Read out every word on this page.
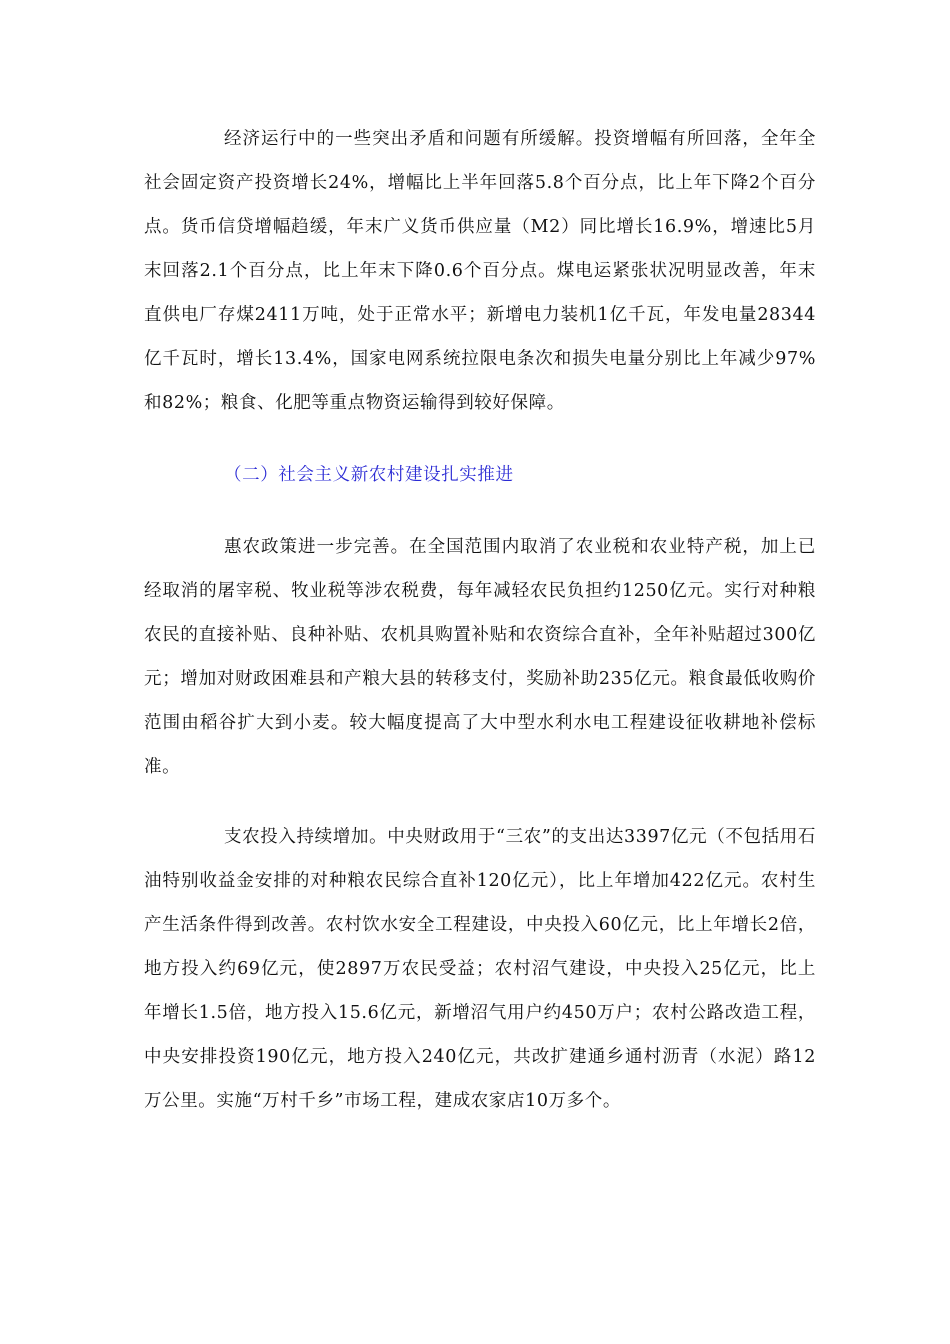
经济运行中的一些突出矛盾和问题有所缓解。投资增幅有所回落，全年全社会固定资产投资增长24%，增幅比上半年回落5.8个百分点，比上年下降2个百分点。货币信贷增幅趋缓，年末广义货币供应量（M2）同比增长16.9%，增速比5月末回落2.1个百分点，比上年末下降0.6个百分点。煤电运紧张状况明显改善，年末直供电厂存煤2411万吨，处于正常水平；新增电力装机1亿千瓦，年发电量28344亿千瓦时，增长13.4%，国家电网系统拉限电条次和损失电量分别比上年减少97%和82%；粮食、化肥等重点物资运输得到较好保障。

（二）社会主义新农村建设扎实推进

惠农政策进一步完善。在全国范围内取消了农业税和农业特产税，加上已经取消的屠宰税、牧业税等涉农税费，每年减轻农民负担约1250亿元。实行对种粮农民的直接补贴、良种补贴、农机具购置补贴和农资综合直补，全年补贴超过300亿元；增加对财政困难县和产粮大县的转移支付，奖励补助235亿元。粮食最低收购价范围由稻谷扩大到小麦。较大幅度提高了大中型水利水电工程建设征收耕地补偿标准。

支农投入持续增加。中央财政用于“三农”的支出达3397亿元（不包括用石油特别收益金安排的对种粮农民综合直补120亿元），比上年增加422亿元。农村生产生活条件得到改善。农村饮水安全工程建设，中央投入60亿元，比上年增长2倍，地方投入约69亿元，使2897万农民受益；农村沼气建设，中央投入25亿元，比上年增长1.5倍，地方投入15.6亿元，新增沼气用户约450万户；农村公路改造工程，中央安排投资190亿元，地方投入240亿元，共改扩建通乡通村沥青（水泥）路12万公里。实施“万村千乡”市场工程，建成农家店10万多个。
